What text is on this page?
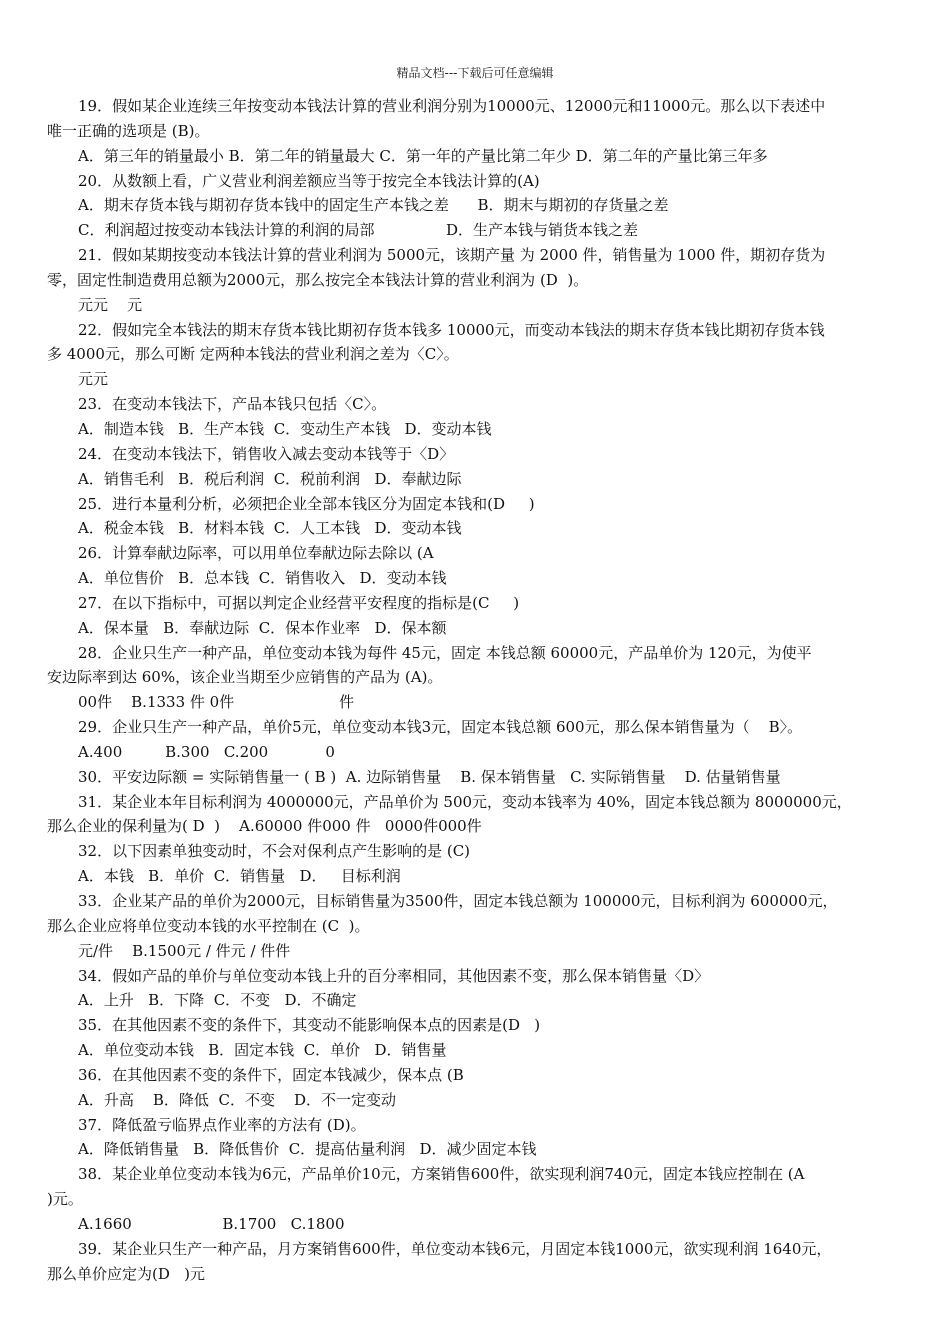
精品文档---下载后可任意编辑
19．假如某企业连续三年按变动本钱法计算的营业利润分别为10000元、12000元和11000元。那么以下表述中
唯一正确的选项是 (B)。
A．第三年的销量最小 B．第二年的销量最大 C．第一年的产量比第二年少 D．第二年的产量比第三年多
20．从数额上看，广义营业利润差额应当等于按完全本钱法计算的(A)
A．期末存货本钱与期初存货本钱中的固定生产本钱之差      B．期末与期初的存货量之差
C．利润超过按变动本钱法计算的利润的局部               D．生产本钱与销货本钱之差
21．假如某期按变动本钱法计算的营业利润为 5000元，该期产量 为 2000 件，销售量为 1000 件，期初存货为
零，固定性制造费用总额为2000元，那么按完全本钱法计算的营业利润为 (D  )。
元元    元
22．假如完全本钱法的期末存货本钱比期初存货本钱多 10000元，而变动本钱法的期末存货本钱比期初存货本钱
多 4000元，那么可断 定两种本钱法的营业利润之差为〈C〉。
元元
23．在变动本钱法下，产品本钱只包括〈C〉。
A．制造本钱   B．生产本钱  C．变动生产本钱   D．变动本钱
24．在变动本钱法下，销售收入减去变动本钱等于〈D〉
A．销售毛利   B．税后利润  C．税前利润   D．奉献边际
25．进行本量利分析，必须把企业全部本钱区分为固定本钱和(D     )
A．税金本钱   B．材料本钱  C．人工本钱   D．变动本钱
26．计算奉献边际率，可以用单位奉献边际去除以 (A
A．单位售价   B．总本钱  C．销售收入   D．变动本钱
27．在以下指标中，可据以判定企业经营平安程度的指标是(C     )
A．保本量   B．奉献边际  C．保本作业率   D．保本额
28．企业只生产一种产品，单位变动本钱为每件 45元，固定 本钱总额 60000元，产品单价为 120元，为使平
安边际率到达 60%，该企业当期至少应销售的产品为 (A)。
00件    B.1333 件 0件                      件
29．企业只生产一种产品，单价5元，单位变动本钱3元，固定本钱总额 600元，那么保本销售量为（    B〉。
A.400         B.300   C.200            0
30．平安边际额 = 实际销售量一 ( B )  A. 边际销售量    B. 保本销售量   C. 实际销售量    D. 估量销售量
31．某企业本年目标利润为 4000000元，产品单价为 500元，变动本钱率为 40%，固定本钱总额为 8000000元，
那么企业的保利量为( D  )    A.60000 件000 件   0000件000件
32．以下因素单独变动时，不会对保利点产生影响的是 (C)
A．本钱   B．单价  C．销售量   D．   目标利润
33．企业某产品的单价为2000元，目标销售量为3500件，固定本钱总额为 100000元，目标利润为 600000元，
那么企业应将单位变动本钱的水平控制在 (C  )。
元/件    B.1500元 / 件元 / 件件
34．假如产品的单价与单位变动本钱上升的百分率相同，其他因素不变，那么保本销售量〈D〉
A．上升   B．下降  C．不变   D．不确定
35．在其他因素不变的条件下，其变动不能影响保本点的因素是(D   )
A．单位变动本钱   B．固定本钱  C．单价   D．销售量
36．在其他因素不变的条件下，固定本钱减少，保本点 (B
A．升高    B．降低  C．不变    D．不一定变动
37．降低盈亏临界点作业率的方法有 (D)。
A．降低销售量   B．降低售价  C．提高估量利润   D．减少固定本钱
38．某企业单位变动本钱为6元，产品单价10元，方案销售600件，欲实现利润740元，固定本钱应控制在 (A
)元。
A.1660                   B.1700   C.1800
39．某企业只生产一种产品，月方案销售600件，单位变动本钱6元，月固定本钱1000元，欲实现利润 1640元，
那么单价应定为(D   )元
